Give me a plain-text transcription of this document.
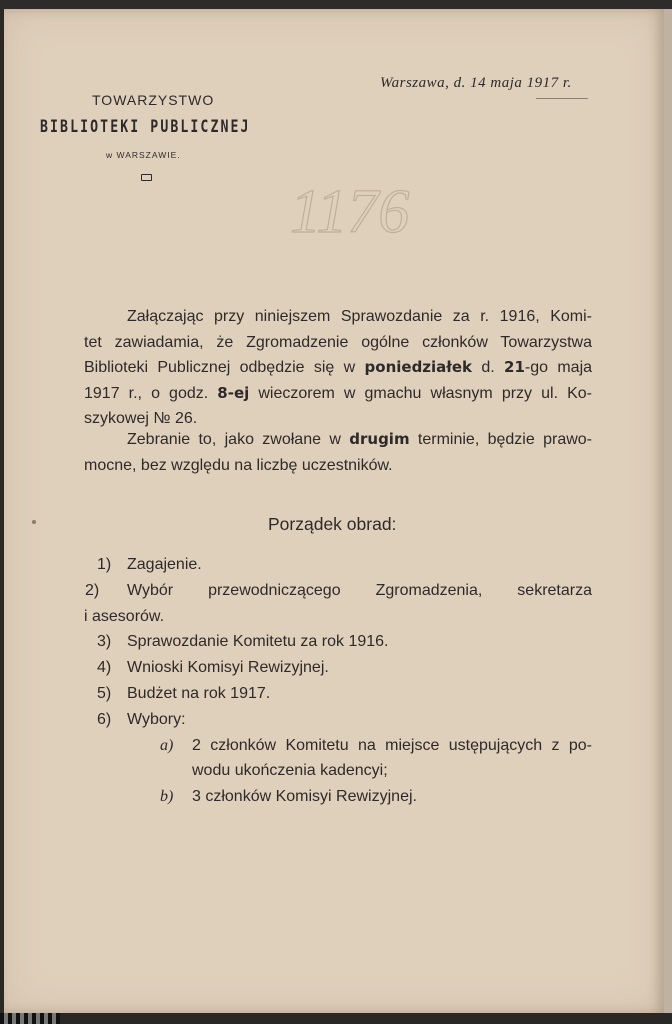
TOWARZYSTWO
BIBLIOTEKI PUBLICZNEJ
w WARSZAWIE.
Warszawa, d. 14 maja 1917 r.
1176
Załączając przy niniejszem Sprawozdanie za r. 1916, Komi-
tet zawiadamia, że Zgromadzenie ogólne członków Towarzystwa
Biblioteki Publicznej odbędzie się w poniedziałek d. 21-go maja
1917 r., o godz. 8-ej wieczorem w gmachu własnym przy ul. Ko-
szykowej № 26.
Zebranie to, jako zwołane w drugim terminie, będzie prawo-
mocne, bez względu na liczbę uczestników.
Porządek obrad:
1) Zagajenie.
2) Wybór przewodniczącego Zgromadzenia, sekretarza
i asesorów.
3) Sprawozdanie Komitetu za rok 1916.
4) Wnioski Komisyi Rewizyjnej.
5) Budżet na rok 1917.
6) Wybory:
a)	2 członków Komitetu na miejsce ustępujących z po-
wodu ukończenia kadencyi;
b)	3 członków Komisyi Rewizyjnej.
